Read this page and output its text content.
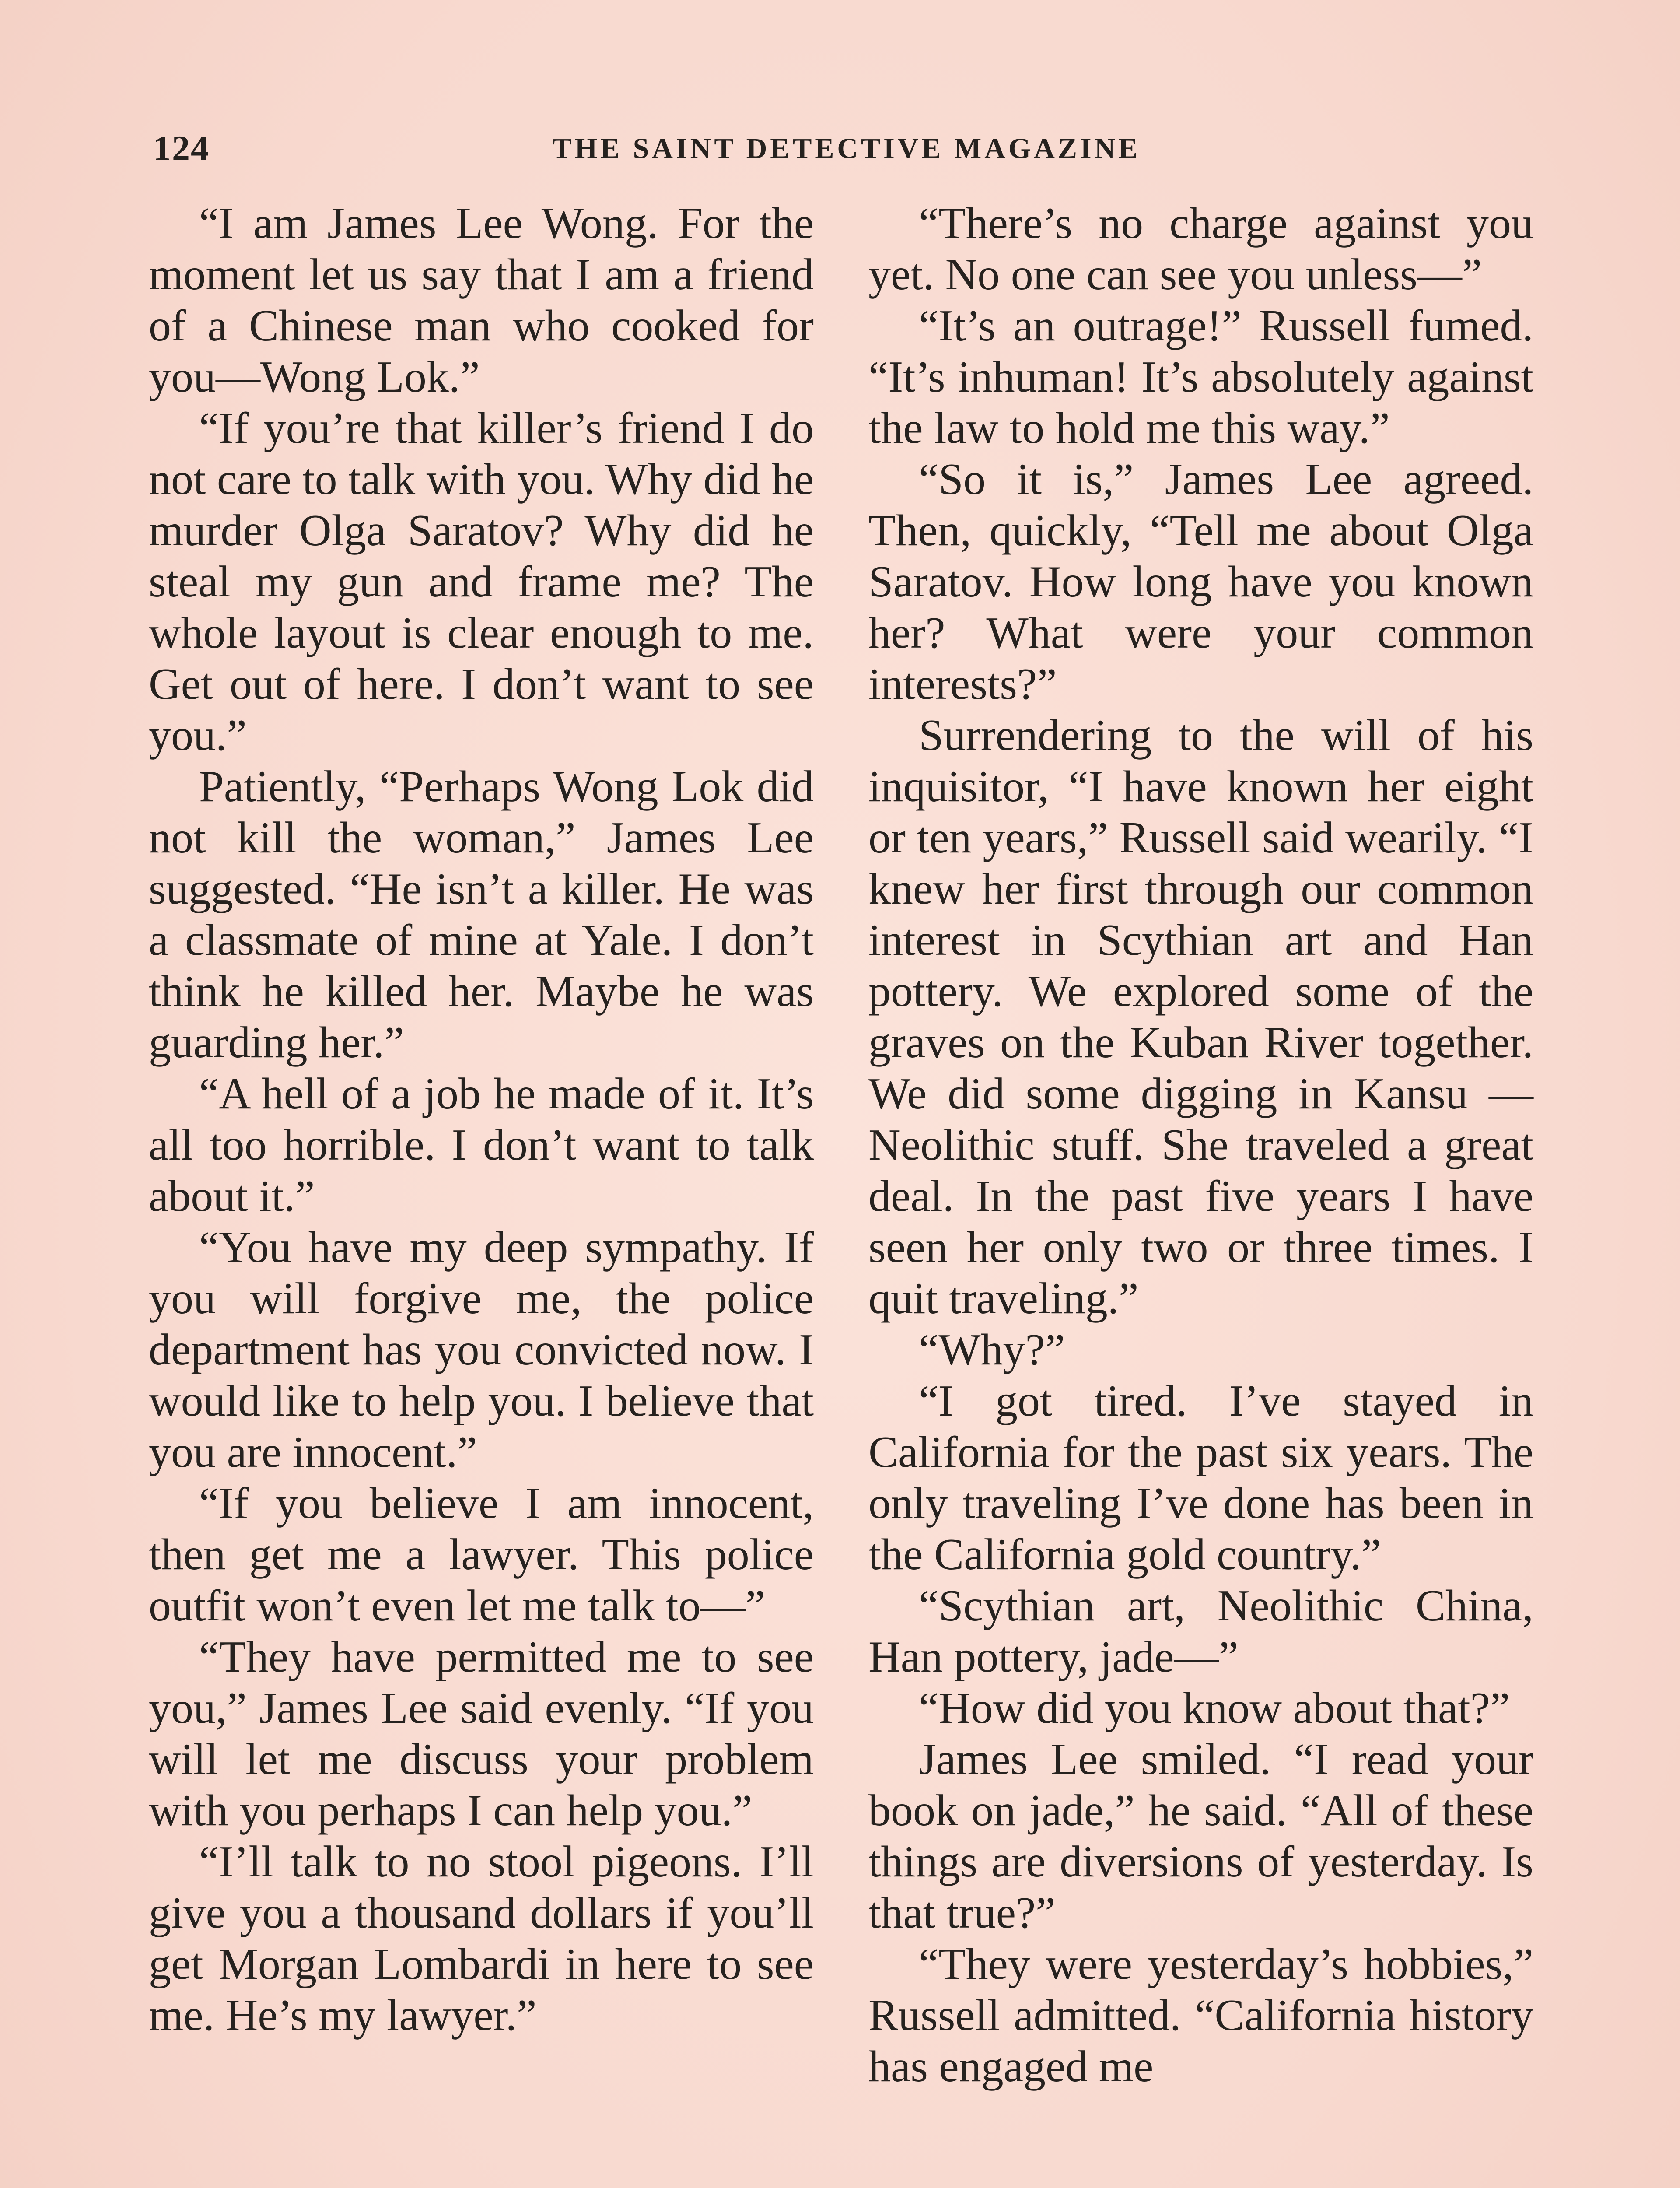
124	THE SAINT DETECTIVE MAGAZINE

“I am James Lee Wong. For the moment let us say that I am a friend of a Chinese man who cooked for you—Wong Lok.”

“If you’re that killer’s friend I do not care to talk with you. Why did he murder Olga Saratov? Why did he steal my gun and frame me? The whole layout is clear enough to me. Get out of here. I don’t want to see you.”

Patiently, “Perhaps Wong Lok did not kill the woman,” James Lee suggested. “He isn’t a killer. He was a classmate of mine at Yale. I don’t think he killed her. Maybe he was guarding her.”

“A hell of a job he made of it. It’s all too horrible. I don’t want to talk about it.”

“You have my deep sympathy. If you will forgive me, the police department has you convicted now. I would like to help you. I believe that you are innocent.”

“If you believe I am innocent, then get me a lawyer. This police outfit won’t even let me talk to—”

“They have permitted me to see you,” James Lee said evenly. “If you will let me discuss your problem with you perhaps I can help you.”

“I’ll talk to no stool pigeons. I’ll give you a thousand dollars if you’ll get Morgan Lombardi in here to see me. He’s my lawyer.”

“There’s no charge against you yet. No one can see you unless—”

“It’s an outrage!” Russell fumed. “It’s inhuman! It’s absolutely against the law to hold me this way.”

“So it is,” James Lee agreed. Then, quickly, “Tell me about Olga Saratov. How long have you known her? What were your common interests?”

Surrendering to the will of his inquisitor, “I have known her eight or ten years,” Russell said wearily. “I knew her first through our common interest in Scythian art and Han pottery. We explored some of the graves on the Kuban River together. We did some digging in Kansu —Neolithic stuff. She traveled a great deal. In the past five years I have seen her only two or three times. I quit traveling.”

“Why?”

“I got tired. I’ve stayed in California for the past six years. The only traveling I’ve done has been in the California gold country.”

“Scythian art, Neolithic China, Han pottery, jade—”

“How did you know about that?”

James Lee smiled. “I read your book on jade,” he said. “All of these things are diversions of yesterday. Is that true?”

“They were yesterday’s hobbies,” Russell admitted. “California history has engaged me
